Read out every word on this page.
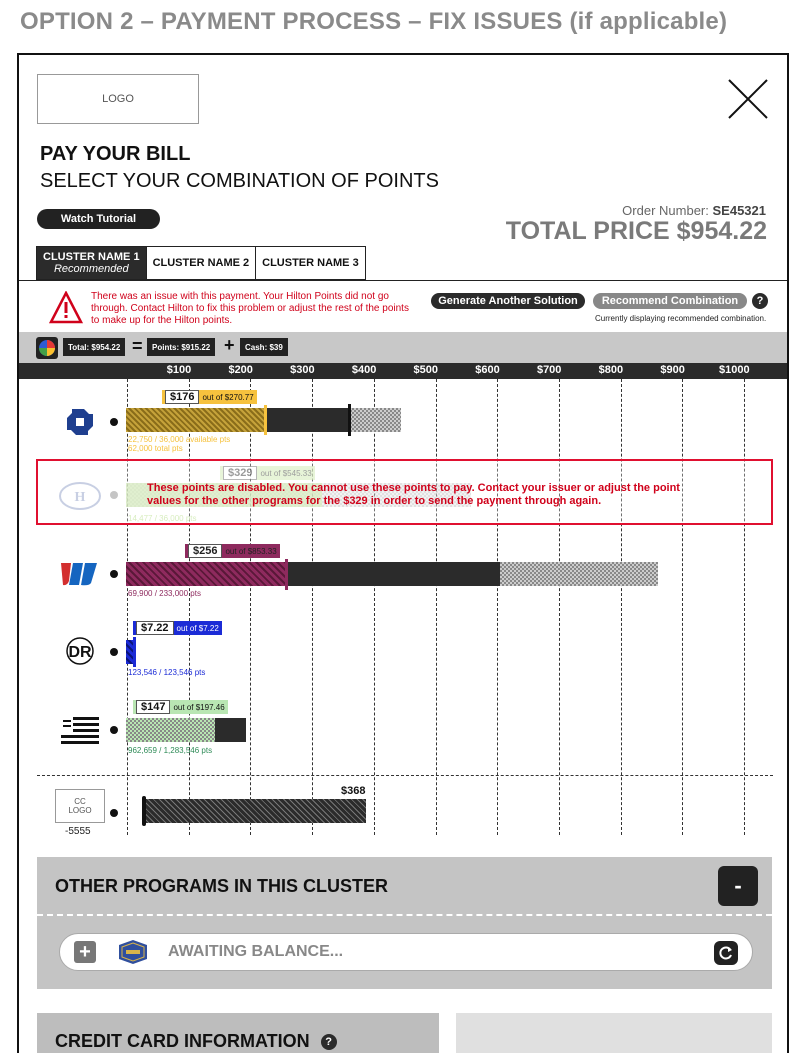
OPTION 2 – PAYMENT PROCESS – FIX ISSUES (if applicable)
LOGO
PAY YOUR BILL
SELECT YOUR COMBINATION OF POINTS
Watch Tutorial
Order Number: SE45321
TOTAL PRICE $954.22
CLUSTER NAME 1
Recommended CLUSTER NAME 2 CLUSTER NAME 3
There was an issue with this payment. Your Hilton Points did not go through. Contact Hilton to fix this problem or adjust the rest of the points to make up for the Hilton points.
Generate Another Solution	Recommend Combination	?
Currently displaying recommended combination.
Total: $954.22 =	Points: $915.22 +	Cash: $39
$100	$200	$300	$400	$500	$600	$700	$800	$900	$1000
$176	out of $270.77
22,750 / 36,000 available pts
62,000 total pts
H
$329	out of $545.33
14,477 / 36,000 pts
These points are disabled. You cannot use these points to pay. Contact your issuer or adjust the point values for the other programs for the $329 in order to send the payment through again.
$256	out of $853.33
69,900 / 233,000 pts
DR
$7.22	out of $7.22
123,546 / 123,546 pts
$147	out of $197.46
962,659 / 1,283,546 pts
CC
LOGO
-5555
$368
OTHER PROGRAMS IN THIS CLUSTER	-
+	AWAITING BALANCE...
CREDIT CARD INFORMATION ?
